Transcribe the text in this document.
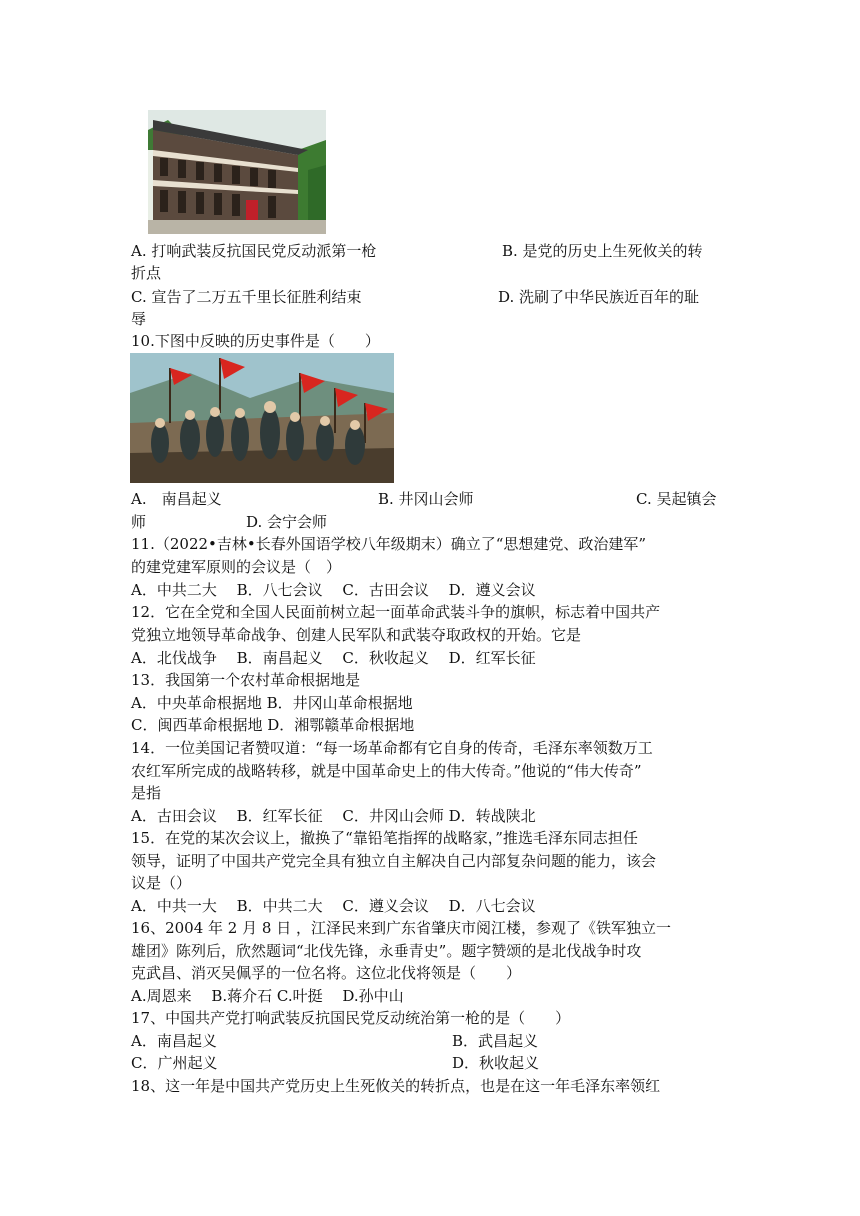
A. 打响武装反抗国民党反动派第一枪	B. 是党的历史上生死攸关的转
折点
C. 宣告了二万五千里长征胜利结束	D. 洗刷了中华民族近百年的耻
辱
10.下图中反映的历史事件是（　　）
A.　南昌起义	B. 井冈山会师	C. 吴起镇会
师	D. 会宁会师
11.（2022•吉林•长春外国语学校八年级期末）确立了“思想建党、政治建军”
的建党建军原则的会议是（　）
A．中共二大　 B．八七会议　 C．古田会议　 D．遵义会议
12．它在全党和全国人民面前树立起一面革命武装斗争的旗帜，标志着中国共产
党独立地领导革命战争、创建人民军队和武装夺取政权的开始。它是
A．北伐战争　 B．南昌起义　 C．秋收起义　 D．红军长征
13．我国第一个农村革命根据地是
A．中央革命根据地 B．井冈山革命根据地
C．闽西革命根据地 D．湘鄂赣革命根据地
14．一位美国记者赞叹道：“每一场革命都有它自身的传奇，毛泽东率领数万工
农红军所完成的战略转移，就是中国革命史上的伟大传奇。”他说的“伟大传奇”
是指
A．古田会议　 B．红军长征　 C．井冈山会师 D．转战陕北
15．在党的某次会议上，撤换了“靠铅笔指挥的战略家，”推选毛泽东同志担任
领导，证明了中国共产党完全具有独立自主解决自己内部复杂问题的能力，该会
议是（）
A．中共一大　 B．中共二大　 C．遵义会议　 D．八七会议
16、2004 年 2 月 8 日 ，江泽民来到广东省肇庆市阅江楼，参观了《铁军独立一
雄团》陈列后，欣然题词“北伐先锋，永垂青史”。题字赞颂的是北伐战争时攻
克武昌、消灭吴佩孚的一位名将。这位北伐将领是（　　）
A.周恩来　 B.蒋介石 C.叶挺　 D.孙中山
17、中国共产党打响武装反抗国民党反动统治第一枪的是（　　）
A．南昌起义	B．武昌起义
C．广州起义	D．秋收起义
18、这一年是中国共产党历史上生死攸关的转折点，也是在这一年毛泽东率领红
